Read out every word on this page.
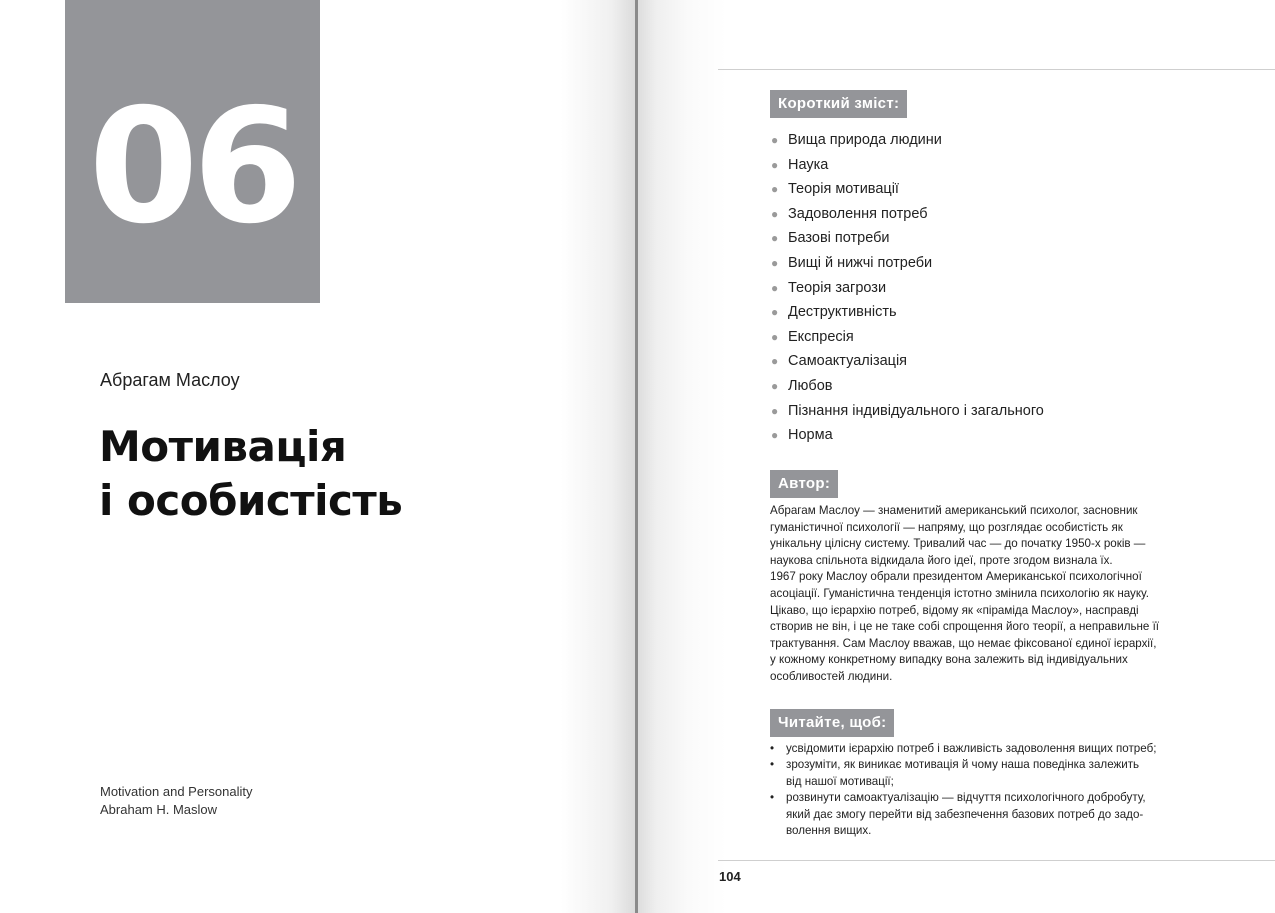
06
Абрагам Маслоу
Мотивація
і особистість
Motivation and Personality
Abraham H. Maslow
Короткий зміст:
● Вища природа людини
● Наука
● Теорія мотивації
● Задоволення потреб
● Базові потреби
● Вищі й нижчі потреби
● Теорія загрози
● Деструктивність
● Експресія
● Самоактуалізація
● Любов
● Пізнання індивідуального і загального
● Норма
Автор:
Абрагам Маслоу — знаменитий американський психолог, засновник
гуманістичної психології — напряму, що розглядає особистість як
унікальну цілісну систему. Тривалий час — до початку 1950-х років —
наукова спільнота відкидала його ідеї, проте згодом визнала їх.
1967 року Маслоу обрали президентом Американської психологічної
асоціації. Гуманістична тенденція істотно змінила психологію як науку.
Цікаво, що ієрархію потреб, відому як «піраміда Маслоу», насправді
створив не він, і це не таке собі спрощення його теорії, а неправильне її
трактування. Сам Маслоу вважав, що немає фіксованої єдиної ієрархії,
у кожному конкретному випадку вона залежить від індивідуальних
особливостей людини.
Читайте, щоб:
• усвідомити ієрархію потреб і важливість задоволення вищих потреб;
• зрозуміти, як виникає мотивація й чому наша поведінка залежить
від нашої мотивації;
• розвинути самоактуалізацію — відчуття психологічного добробуту,
який дає змогу перейти від забезпечення базових потреб до задо-
волення вищих.
104
